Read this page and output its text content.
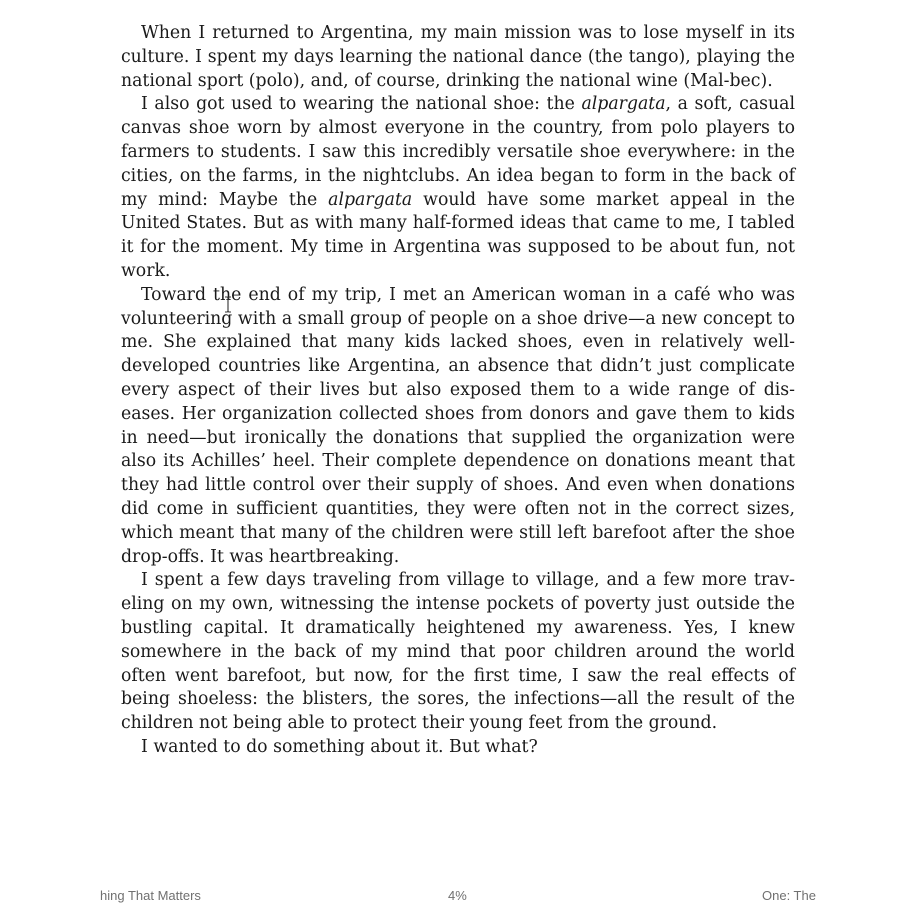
When I returned to Argentina, my main mission was to lose myself in its culture. I spent my days learning the national dance (the tango), playing the national sport (polo), and, of course, drinking the national wine (Mal-bec).

I also got used to wearing the national shoe: the alpargata, a soft, casual canvas shoe worn by almost everyone in the country, from polo players to farmers to students. I saw this incredibly versatile shoe everywhere: in the cities, on the farms, in the nightclubs. An idea began to form in the back of my mind: Maybe the alpargata would have some market appeal in the United States. But as with many half-formed ideas that came to me, I tabled it for the moment. My time in Argentina was supposed to be about fun, not work.

Toward the end of my trip, I met an American woman in a café who was volunteering with a small group of people on a shoe drive—a new concept to me. She explained that many kids lacked shoes, even in relatively well-developed countries like Argentina, an absence that didn’t just complicate every aspect of their lives but also exposed them to a wide range of dis-eases. Her organization collected shoes from donors and gave them to kids in need—but ironically the donations that supplied the organization were also its Achilles’ heel. Their complete dependence on donations meant that they had little control over their supply of shoes. And even when donations did come in sufficient quantities, they were often not in the correct sizes, which meant that many of the children were still left barefoot after the shoe drop-offs. It was heartbreaking.

I spent a few days traveling from village to village, and a few more trav-eling on my own, witnessing the intense pockets of poverty just outside the bustling capital. It dramatically heightened my awareness. Yes, I knew somewhere in the back of my mind that poor children around the world often went barefoot, but now, for the first time, I saw the real effects of being shoeless: the blisters, the sores, the infections—all the result of the children not being able to protect their young feet from the ground.

I wanted to do something about it. But what?

hing That Matters	4%	One: The
